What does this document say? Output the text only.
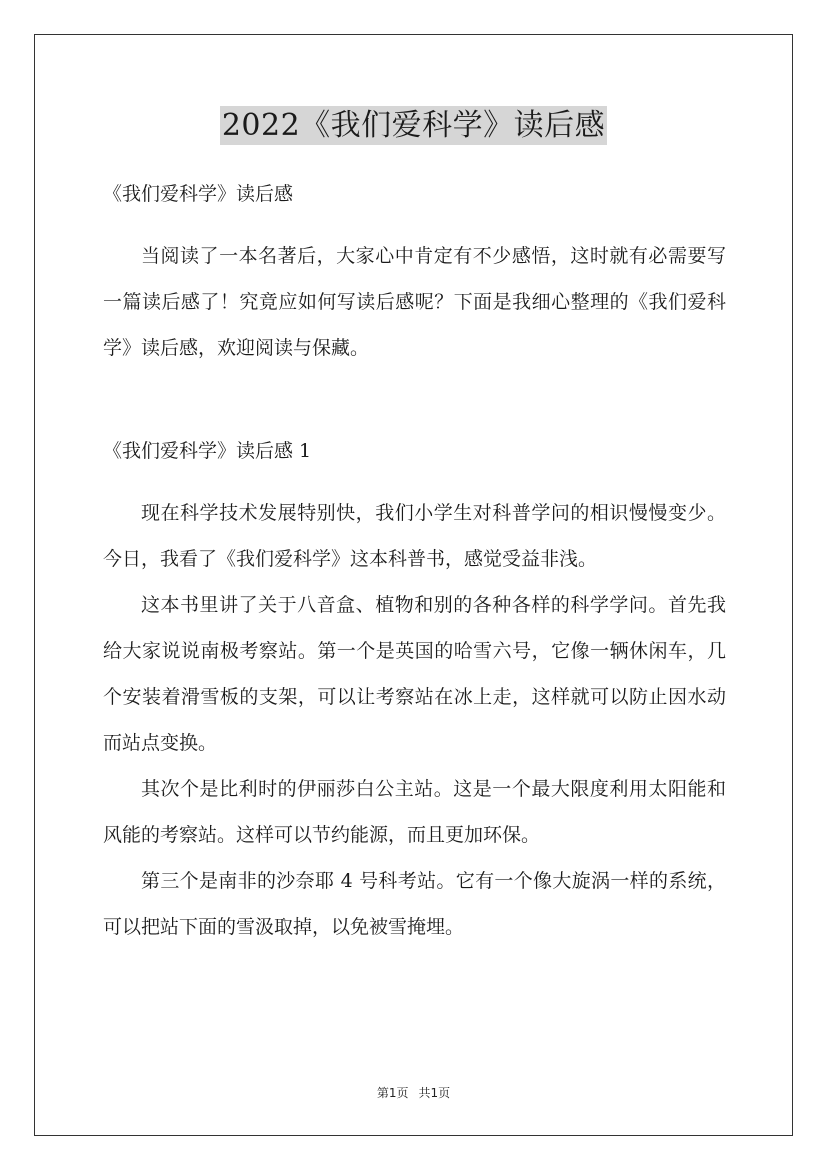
2022《我们爱科学》读后感
《我们爱科学》读后感

当阅读了一本名著后，大家心中肯定有不少感悟，这时就有必需要写一篇读后感了！究竟应如何写读后感呢？下面是我细心整理的《我们爱科学》读后感，欢迎阅读与保藏。

《我们爱科学》读后感 1

现在科学技术发展特别快，我们小学生对科普学问的相识慢慢变少。今日，我看了《我们爱科学》这本科普书，感觉受益非浅。

这本书里讲了关于八音盒、植物和别的各种各样的科学学问。首先我给大家说说南极考察站。第一个是英国的哈雪六号，它像一辆休闲车，几个安装着滑雪板的支架，可以让考察站在冰上走，这样就可以防止因水动而站点变换。

其次个是比利时的伊丽莎白公主站。这是一个最大限度利用太阳能和风能的考察站。这样可以节约能源，而且更加环保。

第三个是南非的沙奈耶 4 号科考站。它有一个像大旋涡一样的系统，可以把站下面的雪汲取掉，以免被雪掩埋。

第1页 共1页
